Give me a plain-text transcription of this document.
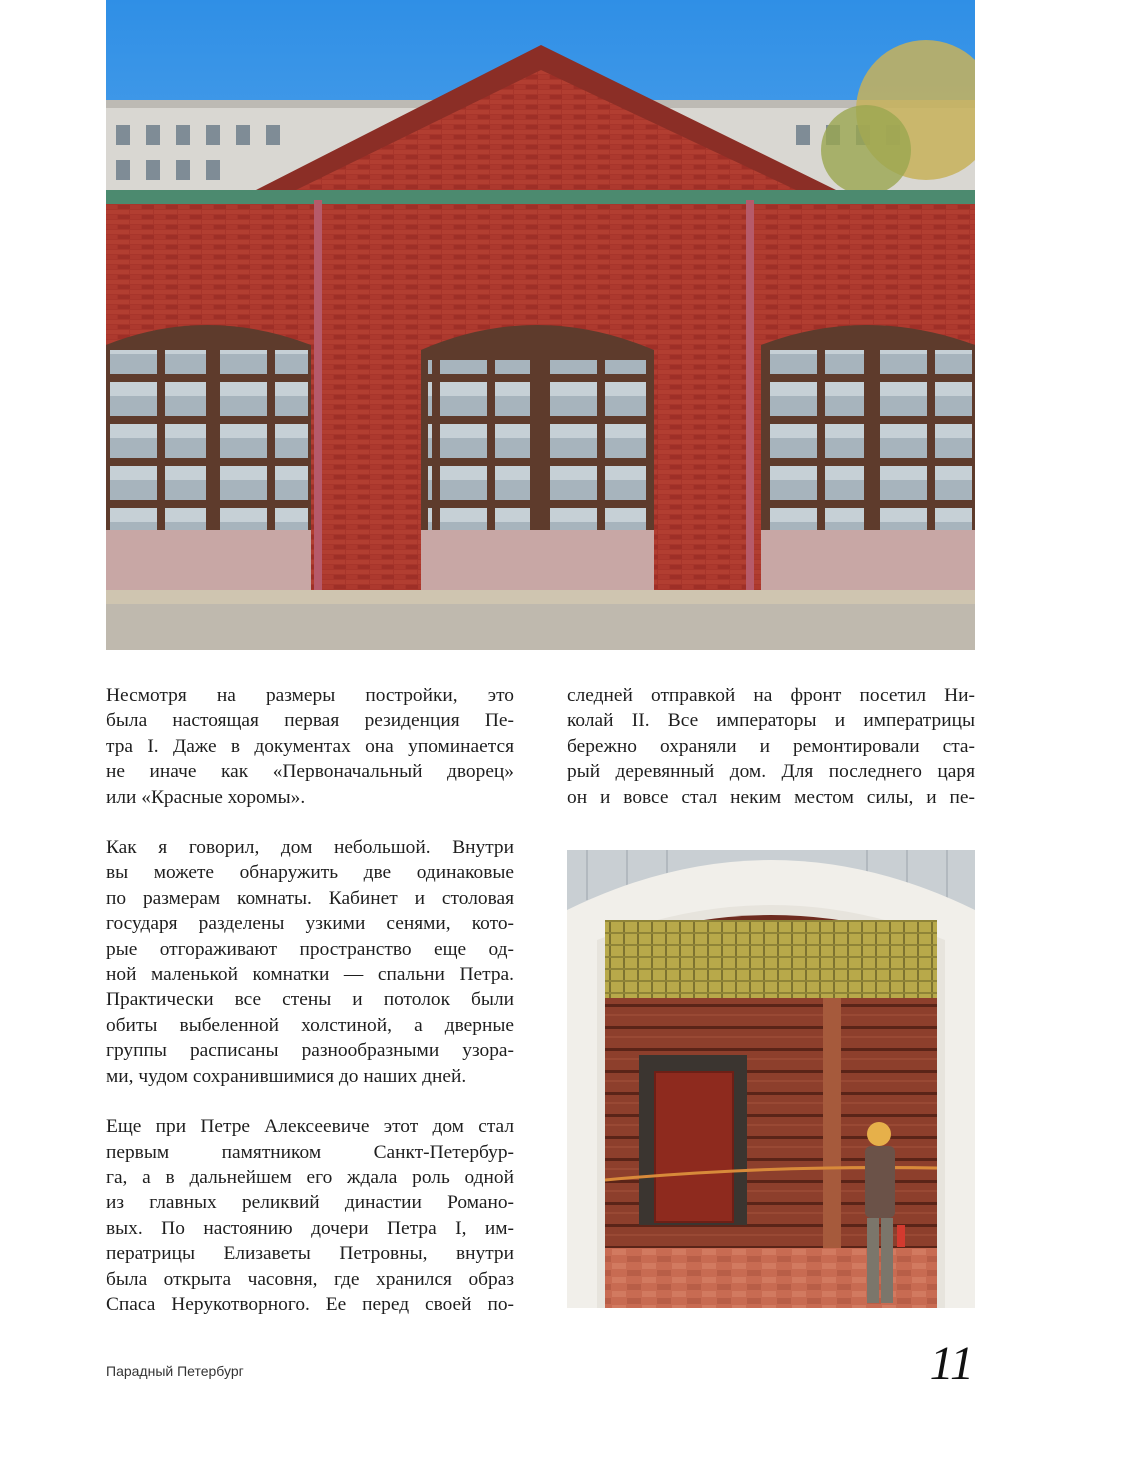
Несмотря на размеры постройки, это

была настоящая первая резиденция Пе-

тра I. Даже в документах она упоминается

не иначе как «Первоначальный дворец»

или «Красные хоромы».

Как я говорил, дом небольшой. Внутри

вы можете обнаружить две одинаковые

по размерам комнаты. Кабинет и столовая

государя разделены узкими сенями, кото-

рые отгораживают пространство еще од-

ной маленькой комнатки — спальни Петра.

Практически все стены и потолок были

обиты выбеленной холстиной, а дверные

группы расписаны разнообразными узора-

ми, чудом сохранившимися до наших дней.

Еще при Петре Алексеевиче этот дом стал

первым памятником Санкт-Петербур-

га, а в дальнейшем его ждала роль одной

из главных реликвий династии Романо-

вых. По настоянию дочери Петра I, им-

ператрицы Елизаветы Петровны, внутри

была открыта часовня, где хранился образ

Спаса Нерукотворного. Ее перед своей по-

следней отправкой на фронт посетил Ни-

колай II. Все императоры и императрицы

бережно охраняли и ремонтировали ста-

рый деревянный дом. Для последнего царя

он и вовсе стал неким местом силы, и пе-

Парадный Петербург	11
